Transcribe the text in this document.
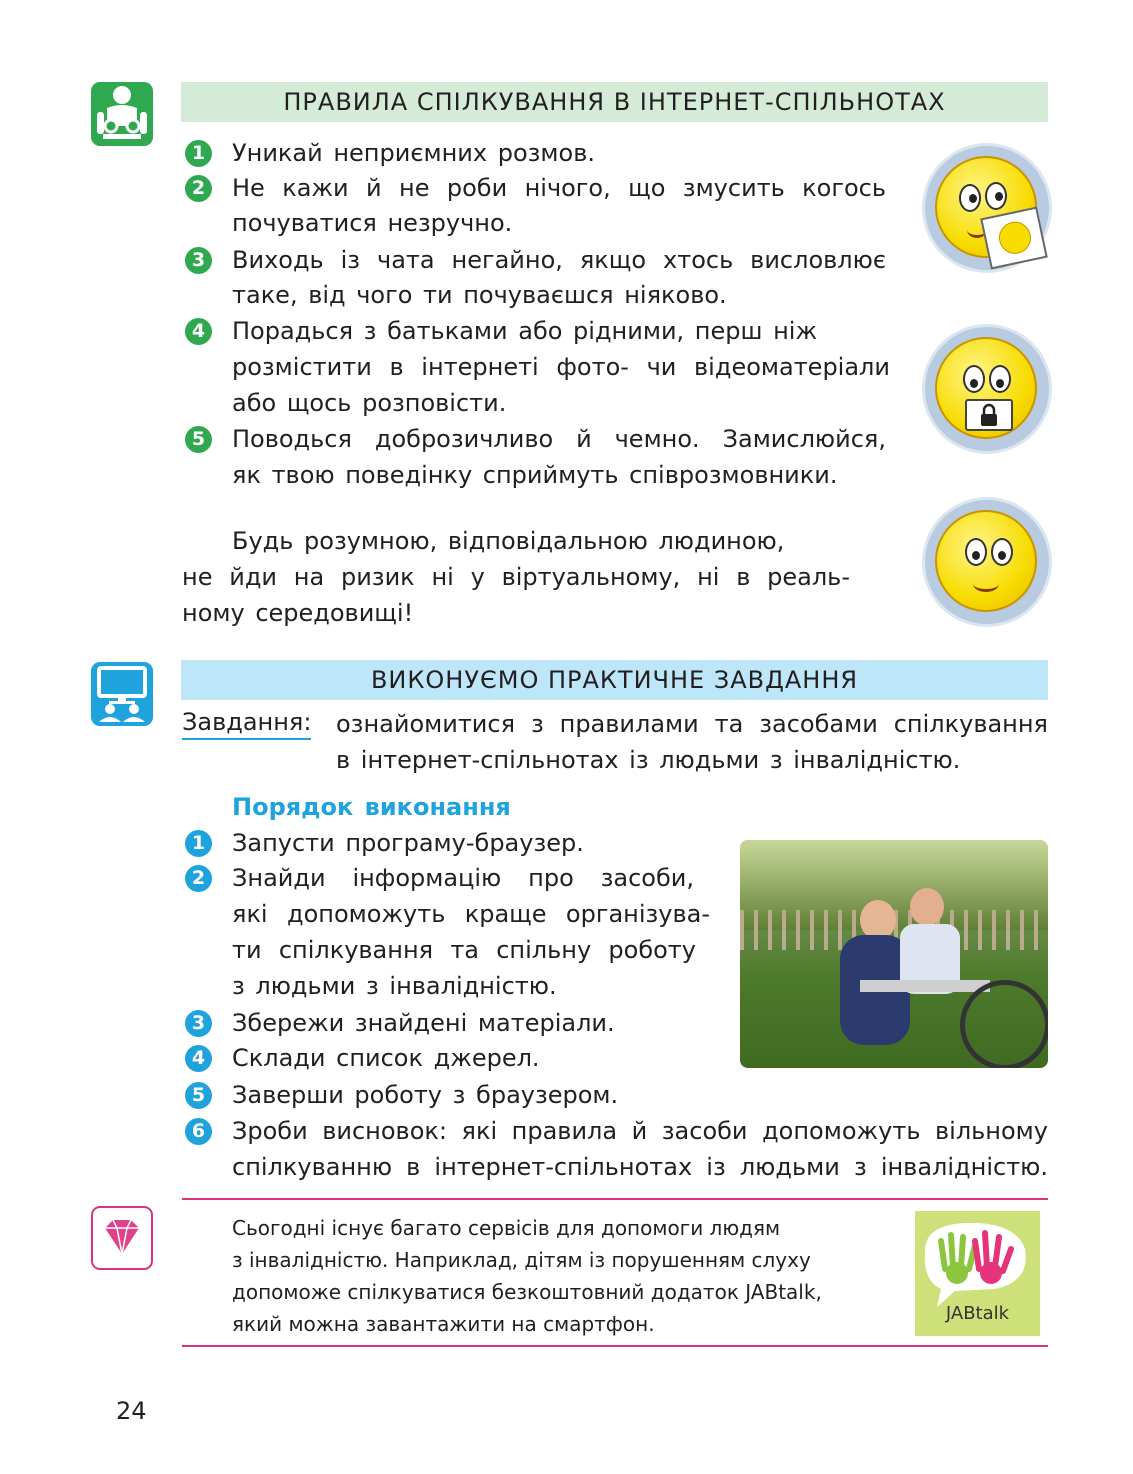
ПРАВИЛА СПІЛКУВАННЯ В ІНТЕРНЕТ-СПІЛЬНОТАХ
1 Уникай неприємних розмов.
2 Не кажи й не роби нічого, що змусить когось
почуватися незручно.
3 Виходь із чата негайно, якщо хтось висловлює
таке, від чого ти почуваєшся ніяково.
4 Порадься з батьками або рідними, перш ніж
розмістити в інтернеті фото- чи відеоматеріали
або щось розповісти.
5 Поводься доброзичливо й чемно. Замислюйся,
як твою поведінку сприймуть співрозмовники.
Будь розумною, відповідальною людиною,
не йди на ризик ні у віртуальному, ні в реаль-
ному середовищі!
ВИКОНУЄМО ПРАКТИЧНЕ ЗАВДАННЯ
Завдання: ознайомитися з правилами та засобами спілкування
в інтернет-спільнотах із людьми з інвалідністю.
Порядок виконання
1 Запусти програму-браузер.
2 Знайди інформацію про засоби,
які допоможуть краще організува-
ти спілкування та спільну роботу
з людьми з інвалідністю.
3 Збережи знайдені матеріали.
4 Склади список джерел.
5 Заверши роботу з браузером.
6 Зроби висновок: які правила й засоби допоможуть вільному
спілкуванню в інтернет-спільнотах із людьми з інвалідністю.
Сьогодні існує багато сервісів для допомоги людям
з інвалідністю. Наприклад, дітям із порушенням слуху
допоможе спілкуватися безкоштовний додаток JABtalk,
який можна завантажити на смартфон.	JABtalk
24
